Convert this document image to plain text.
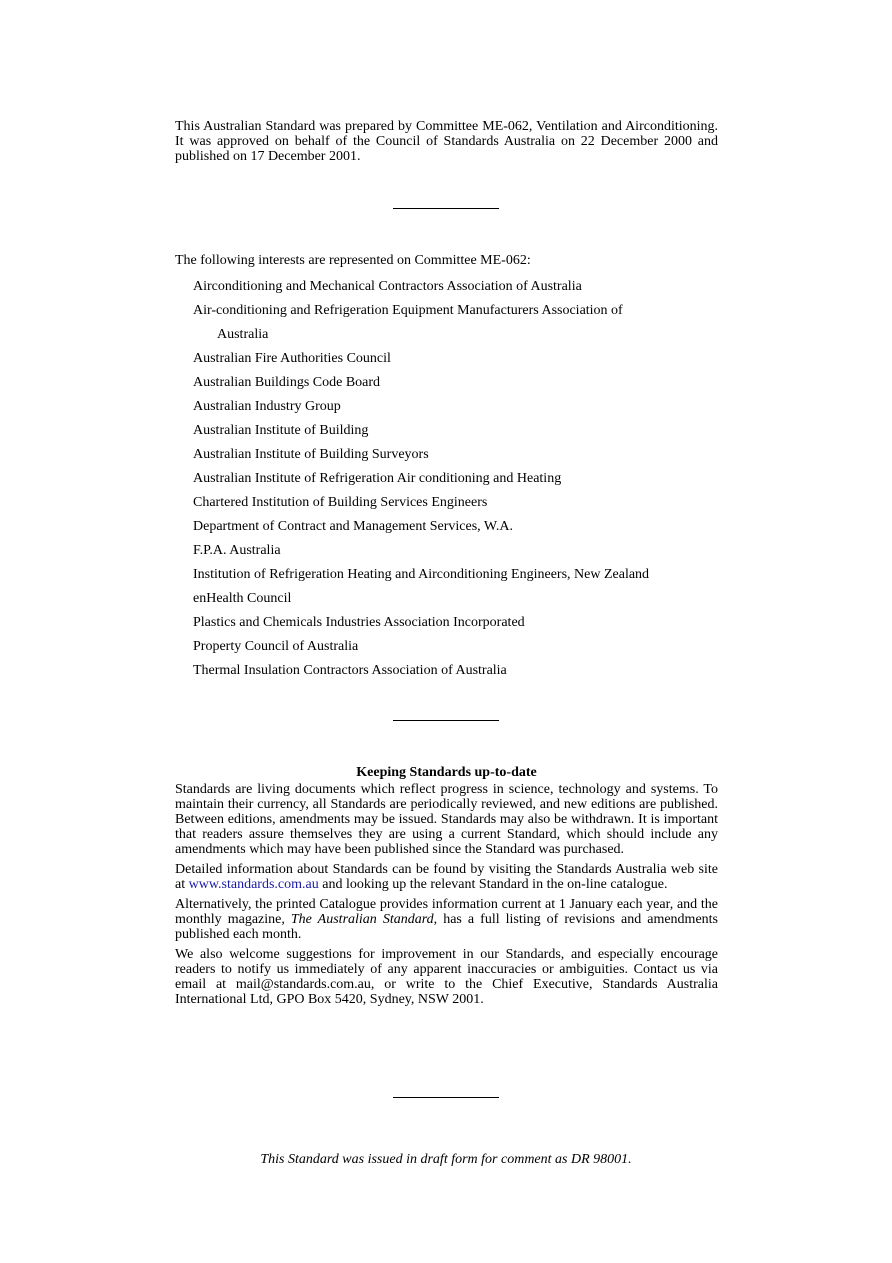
This Australian Standard was prepared by Committee ME-062, Ventilation and Airconditioning. It was approved on behalf of the Council of Standards Australia on 22 December 2000 and published on 17 December 2001.

The following interests are represented on Committee ME-062:

Airconditioning and Mechanical Contractors Association of Australia
Air-conditioning and Refrigeration Equipment Manufacturers Association of
Australia
Australian Fire Authorities Council
Australian Buildings Code Board
Australian Industry Group
Australian Institute of Building
Australian Institute of Building Surveyors
Australian Institute of Refrigeration Air conditioning and Heating
Chartered Institution of Building Services Engineers
Department of Contract and Management Services, W.A.
F.P.A. Australia
Institution of Refrigeration Heating and Airconditioning Engineers, New Zealand
enHealth Council
Plastics and Chemicals Industries Association Incorporated
Property Council of Australia
Thermal Insulation Contractors Association of Australia
Keeping Standards up-to-date

Standards are living documents which reflect progress in science, technology and systems. To maintain their currency, all Standards are periodically reviewed, and new editions are published. Between editions, amendments may be issued. Standards may also be withdrawn. It is important that readers assure themselves they are using a current Standard, which should include any amendments which may have been published since the Standard was purchased.

Detailed information about Standards can be found by visiting the Standards Australia web site at www.standards.com.au and looking up the relevant Standard in the on-line catalogue.

Alternatively, the printed Catalogue provides information current at 1 January each year, and the monthly magazine, The Australian Standard, has a full listing of revisions and amendments published each month.

We also welcome suggestions for improvement in our Standards, and especially encourage readers to notify us immediately of any apparent inaccuracies or ambiguities. Contact us via email at mail@standards.com.au, or write to the Chief Executive, Standards Australia International Ltd, GPO Box 5420, Sydney, NSW 2001.

This Standard was issued in draft form for comment as DR 98001.
